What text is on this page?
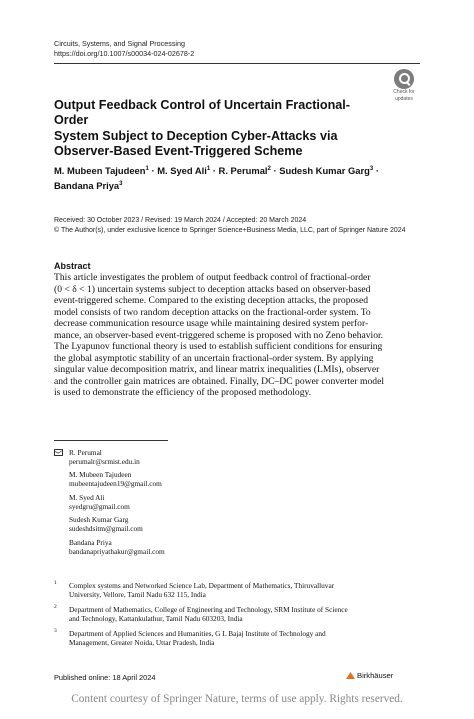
Circuits, Systems, and Signal Processing
https://doi.org/10.1007/s00034-024-02678-2
Check for
updates
Output Feedback Control of Uncertain Fractional-Order
System Subject to Deception Cyber-Attacks via
Observer-Based Event-Triggered Scheme
M. Mubeen Tajudeen$^1$ · M. Syed Ali$^1$ · R. Perumal$^2$ · Sudesh Kumar Garg$^3$ ·
Bandana Priya$^3$
Received: 30 October 2023 / Revised: 19 March 2024 / Accepted: 20 March 2024
© The Author(s), under exclusive licence to Springer Science+Business Media, LLC, part of Springer Nature 2024
Abstract
This article investigates the problem of output feedback control of fractional-order
(0 < δ < 1) uncertain systems subject to deception attacks based on observer-based
event-triggered scheme. Compared to the existing deception attacks, the proposed
model consists of two random deception attacks on the fractional-order system. To
decrease communication resource usage while maintaining desired system perfor-
mance, an observer-based event-triggered scheme is proposed with no Zeno behavior.
The Lyapunov functional theory is used to establish sufficient conditions for ensuring
the global asymptotic stability of an uncertain fractional-order system. By applying
singular value decomposition matrix, and linear matrix inequalities (LMIs), observer
and the controller gain matrices are obtained. Finally, DC–DC power converter model
is used to demonstrate the efficiency of the proposed methodology.
R. Perumal
perumalr@srmist.edu.in
M. Mubeen Tajudeen
mubeentajudeen19@gmail.com
M. Syed Ali
syedgru@gmail.com
Sudesh Kumar Garg
sudeshdsitm@gmail.com
Bandana Priya
bandanapriyathakur@gmail.com
1 Complex systems and Networked Science Lab, Department of Mathematics, Thiruvalluvar
University, Vellore, Tamil Nadu 632 115, India
2 Department of Mathematics, College of Engineering and Technology, SRM Institute of Science
and Technology, Kattankulathur, Tamil Nadu 603203, India
3 Department of Applied Sciences and Humanities, G L Bajaj Institute of Technology and
Management, Greater Noida, Uttar Pradesh, India
Published online: 18 April 2024	Birkhäuser
Content courtesy of Springer Nature, terms of use apply. Rights reserved.
